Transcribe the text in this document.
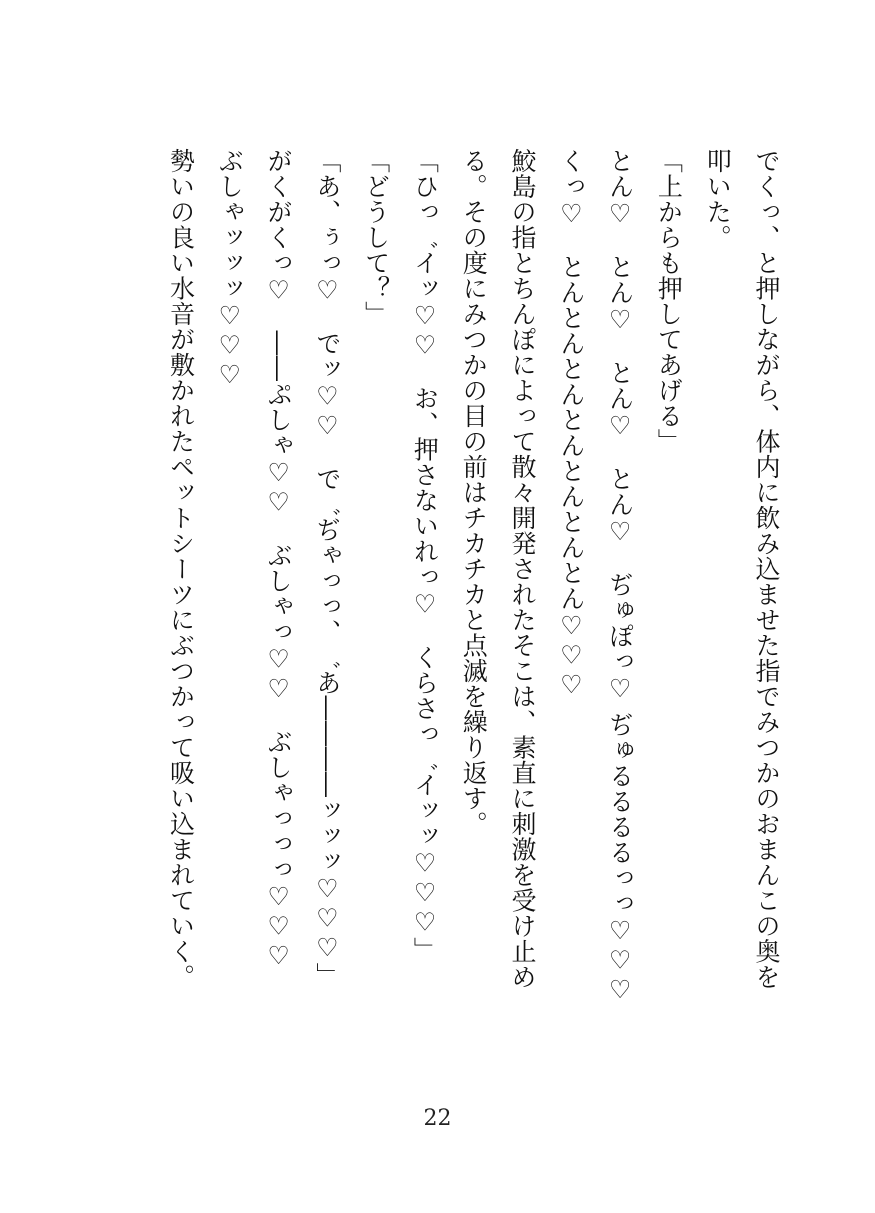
でくっ、と押しながら、体内に飲み込ませた指でみつかのおまんこの奥を叩いた。

「上からも押してあげる」

とん♡　とん♡　とん♡　とん♡　ぢゅぽっ♡ ぢゅるるるるっっ♡♡♡

くっ♡　とんとんとんとんとんとんとん♡♡♡

鮫島の指とちんぽによって散々開発されたそこは、素直に刺激を受け止める。その度にみつかの目の前はチカチカと点滅を繰り返す。

「ひっ゛イッ♡♡　お、押さないれっ♡　くらさっ゛イッッ♡♡♡」

「どうして？」

「あ、ぅっ♡　でッ♡♡　で゛ぢゃっっ、゛あ――――ッッッ♡♡♡」

がくがくっ♡　――ぷしゃ♡♡　ぶしゃっ♡♡　ぶしゃっっっ♡♡♡　ぶしゃッッッ♡♡♡

勢いの良い水音が敷かれたペットシーツにぶつかって吸い込まれていく。

22
